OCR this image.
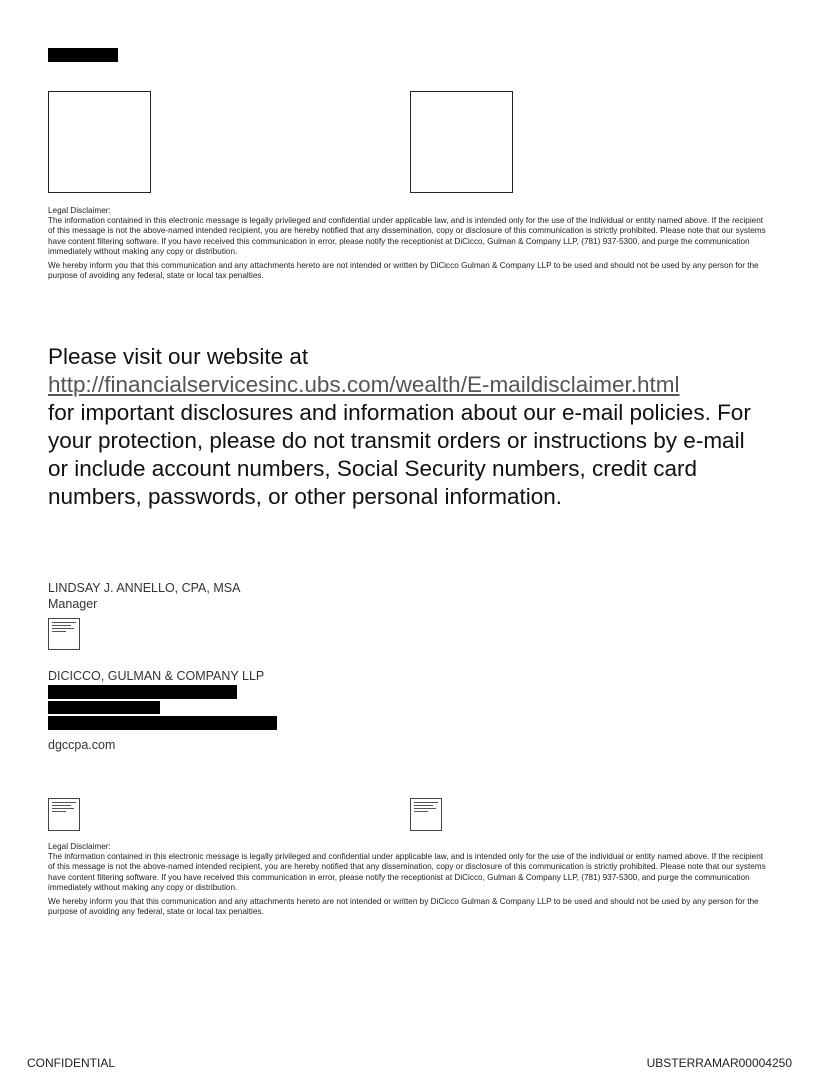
Legal Disclaimer:

The information contained in this electronic message is legally privileged and confidential under applicable law, and is intended only for the use of the individual or entity named above. If the recipient of this message is not the above-named intended recipient, you are hereby notified that any dissemination, copy or disclosure of this communication is strictly prohibited. Please note that our systems have content filtering software. If you have received this communication in error, please notify the receptionist at DiCicco, Gulman & Company LLP, (781) 937-5300, and purge the communication immediately without making any copy or distribution.

We hereby inform you that this communication and any attachments hereto are not intended or written by DiCicco Gulman & Company LLP to be used and should not be used by any person for the purpose of avoiding any federal, state or local tax penalties.

Please visit our website at
http://financialservicesinc.ubs.com/wealth/E-maildisclaimer.html
for important disclosures and information about our e-mail policies. For your protection, please do not transmit orders or instructions by e-mail or include account numbers, Social Security numbers, credit card numbers, passwords, or other personal information.
LINDSAY J. ANNELLO, CPA, MSA
Manager
DICICCO, GULMAN & COMPANY LLP
dgccpa.com
Legal Disclaimer:

The information contained in this electronic message is legally privileged and confidential under applicable law, and is intended only for the use of the individual or entity named above. If the recipient of this message is not the above-named intended recipient, you are hereby notified that any dissemination, copy or disclosure of this communication is strictly prohibited. Please note that our systems have content filtering software. If you have received this communication in error, please notify the receptionist at DiCicco, Gulman & Company LLP, (781) 937-5300, and purge the communication immediately without making any copy or distribution.

We hereby inform you that this communication and any attachments hereto are not intended or written by DiCicco Gulman & Company LLP to be used and should not be used by any person for the purpose of avoiding any federal, state or local tax penalties.

CONFIDENTIAL	UBSTERRAMAR00004250
